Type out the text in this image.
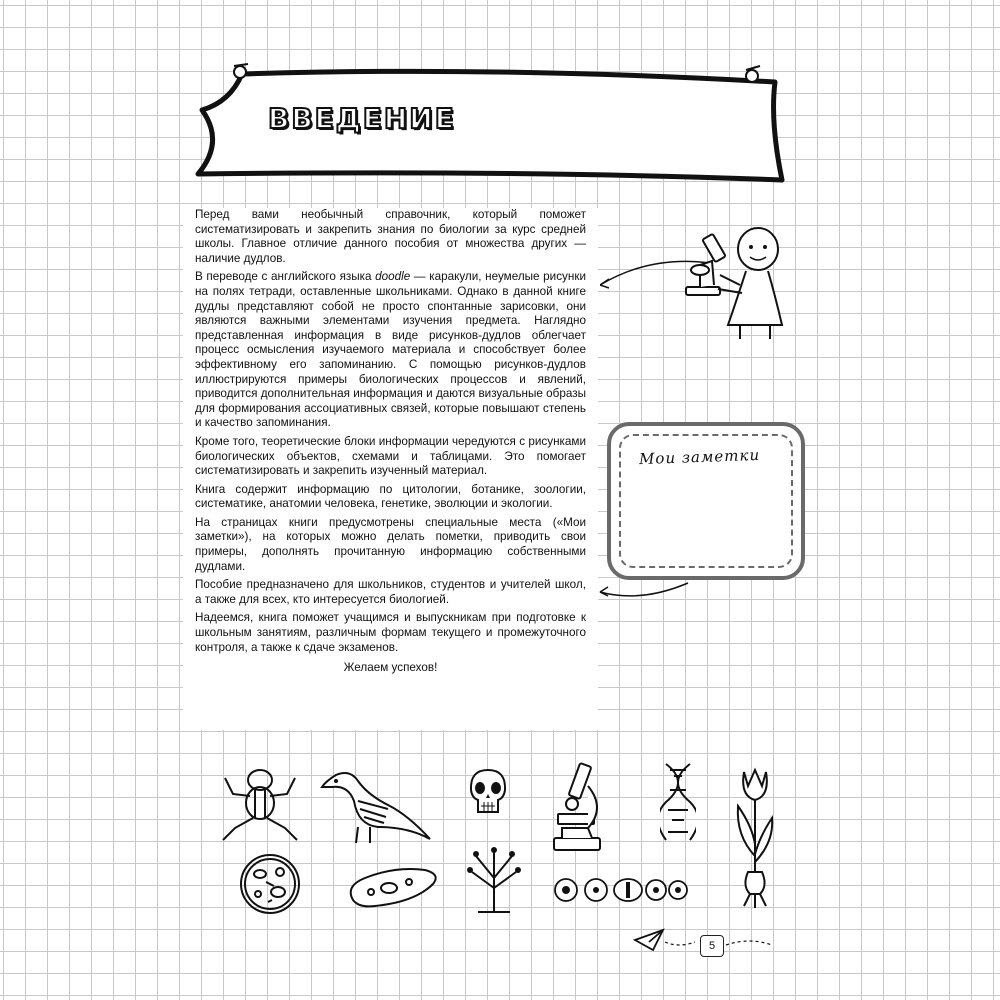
ВВЕДЕНИЕ

Перед вами необычный справочник, который поможет систематизировать и закрепить знания по биологии за курс средней школы. Главное отличие данного пособия от множества других — наличие дудлов.

В переводе с английского языка doodle — каракули, неумелые рисунки на полях тетради, оставленные школьниками. Однако в данной книге дудлы представляют собой не просто спонтанные зарисовки, они являются важными элементами изучения предмета. Наглядно представленная информация в виде рисунков-дудлов облегчает процесс осмысления изучаемого материала и способствует более эффективному его запоминанию. С помощью рисунков-дудлов иллюстрируются примеры биологических процессов и явлений, приводится дополнительная информация и даются визуальные образы для формирования ассоциативных связей, которые повышают степень и качество запоминания.

Кроме того, теоретические блоки информации чередуются с рисунками биологических объектов, схемами и таблицами. Это помогает систематизировать и закрепить изученный материал.

Книга содержит информацию по цитологии, ботанике, зоологии, систематике, анатомии человека, генетике, эволюции и экологии.

На страницах книги предусмотрены специальные места («Мои заметки»), на которых можно делать пометки, приводить свои примеры, дополнять прочитанную информацию собственными дудлами.

Пособие предназначено для школьников, студентов и учителей школ, а также для всех, кто интересуется биологией.

Надеемся, книга поможет учащимся и выпускникам при подготовке к школьным занятиям, различным формам текущего и промежуточного контроля, а также к сдаче экзаменов.

Желаем успехов!

Мои заметки
5
